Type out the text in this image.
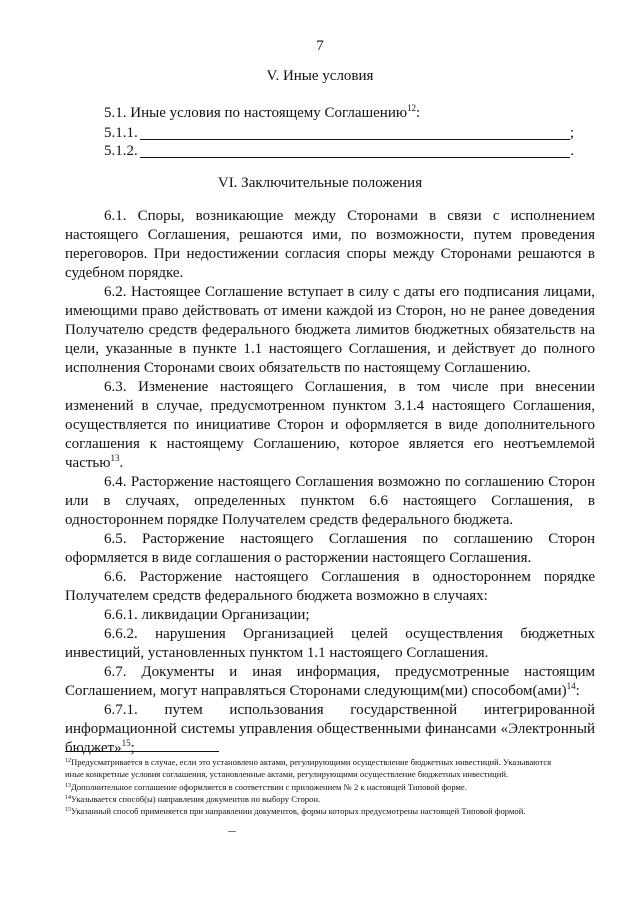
7
V. Иные условия
5.1. Иные условия по настоящему Соглашению$^{12}$:
5.1.1.	;
5.1.2.	.
VI. Заключительные положения
6.1. Споры, возникающие между Сторонами в связи с исполнением
настоящего Соглашения, решаются ими, по возможности, путем проведения
переговоров. При недостижении согласия споры между Сторонами решаются в
судебном порядке.
6.2. Настоящее Соглашение вступает в силу с даты его подписания лицами,
имеющими право действовать от имени каждой из Сторон, но не ранее доведения
Получателю средств федерального бюджета лимитов бюджетных обязательств на
цели, указанные в пункте 1.1 настоящего Соглашения, и действует до полного
исполнения Сторонами своих обязательств по настоящему Соглашению.
6.3. Изменение настоящего Соглашения, в том числе при внесении
изменений в случае, предусмотренном пунктом 3.1.4 настоящего Соглашения,
осуществляется по инициативе Сторон и оформляется в виде дополнительного
соглашения к настоящему Соглашению, которое является его неотъемлемой
частью$^{13}$.
6.4. Расторжение настоящего Соглашения возможно по соглашению Сторон
или в случаях, определенных пунктом 6.6 настоящего Соглашения, в
одностороннем порядке Получателем средств федерального бюджета.
6.5. Расторжение настоящего Соглашения по соглашению Сторон
оформляется в виде соглашения о расторжении настоящего Соглашения.
6.6. Расторжение настоящего Соглашения в одностороннем порядке
Получателем средств федерального бюджета возможно в случаях:
6.6.1. ликвидации Организации;
6.6.2. нарушения Организацией целей осуществления бюджетных
инвестиций, установленных пунктом 1.1 настоящего Соглашения.
6.7. Документы и иная информация, предусмотренные настоящим
Соглашением, могут направляться Сторонами следующим(ми) способом(ами)$^{14}$:
6.7.1. путем использования государственной интегрированной
информационной системы управления общественными финансами «Электронный
бюджет»$^{15}$;
$^{12}$Предусматривается в случае, если это установлено актами, регулирующими осуществление бюджетных инвестиций. Указываются
иные конкретные условия соглашения, установленные актами, регулирующими осуществление бюджетных инвестиций.
$^{13}$Дополнительное соглашение оформляется в соответствии с приложением № 2 к настоящей Типовой форме.
$^{14}$Указывается способ(ы) направления документов по выбору Сторон.
$^{15}$Указанный способ применяется при направлении документов, формы которых предусмотрены настоящей Типовой формой.
